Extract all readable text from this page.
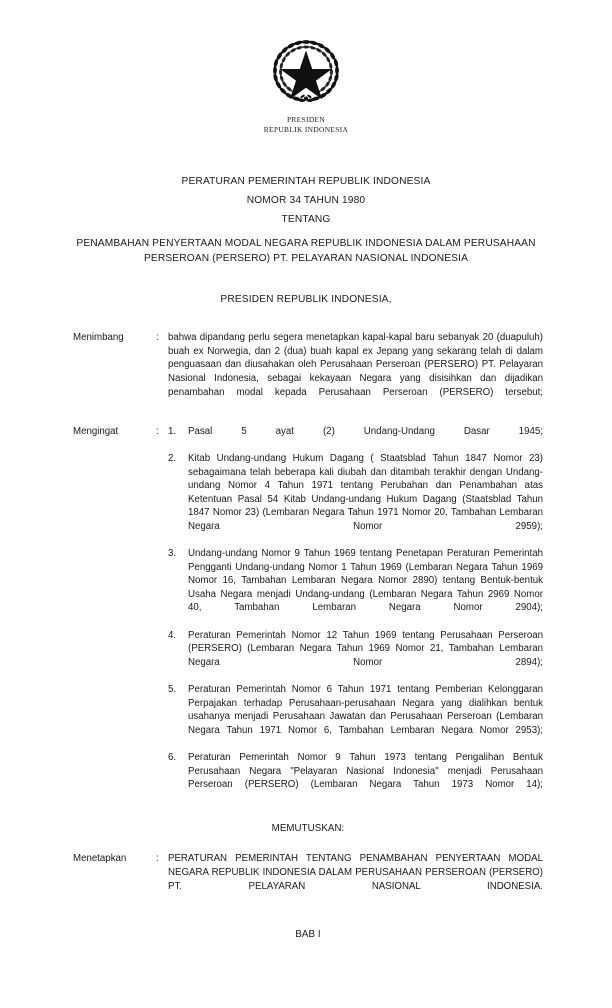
PRESIDEN
REPUBLIK INDONESIA
PERATURAN PEMERINTAH REPUBLIK INDONESIA
NOMOR 34 TAHUN 1980
TENTANG
PENAMBAHAN PENYERTAAN MODAL NEGARA REPUBLIK INDONESIA DALAM PERUSAHAAN PERSEROAN (PERSERO) PT. PELAYARAN NASIONAL INDONESIA
PRESIDEN REPUBLIK INDONESIA,
Menimbang	: bahwa dipandang perlu segera menetapkan kapal-kapal baru sebanyak 20 (duapuluh) buah ex Norwegia, dan 2 (dua) buah kapal ex Jepang yang sekarang telah di dalam penguasaan dan diusahakan oleh Perusahaan Perseroan (PERSERO) PT. Pelayaran Nasional Indonesia, sebagai kekayaan Negara yang disisihkan dan dijadikan penambahan modal kepada Perusahaan Perseroan (PERSERO) tersebut;

Mengingat	: 1.	Pasal 5 ayat (2) Undang-Undang Dasar 1945;
2.	Kitab Undang-undang Hukum Dagang ( Staatsblad Tahun 1847 Nomor 23) sebagaimana telah beberapa kali diubah dan ditambah terakhir dengan Undang-undang Nomor 4 Tahun 1971 tentang Perubahan dan Penambahan atas Ketentuan Pasal 54 Kitab Undang-undang Hukum Dagang (Staatsblad Tahun 1847 Nomor 23) (Lembaran Negara Tahun 1971 Nomor 20, Tambahan Lembaran Negara Nomor 2959);
3.	Undang-undang Nomor 9 Tahun 1969 tentang Penetapan Peraturan Pemerintah Pengganti Undang-undang Nomor 1 Tahun 1969 (Lembaran Negara Tahun 1969 Nomor 16, Tambahan Lembaran Negara Nomor 2890) tentang Bentuk-bentuk Usaha Negara menjadi Undang-undang (Lembaran Negara Tahun 2969 Nomor 40, Tambahan Lembaran Negara Nomor 2904);
4.	Peraturan Pemerintah Nomor 12 Tahun 1969 tentang Perusahaan Perseroan (PERSERO) (Lembaran Negara Tahun 1969 Nomor 21, Tambahan Lembaran Negara Nomor 2894);
5.	Peraturan Pemerintah Nomor 6 Tahun 1971 tentang Pemberian Kelonggaran Perpajakan terhadap Perusahaan-perusahaan Negara yang dialihkan bentuk usahanya menjadi Perusahaan Jawatan dan Perusahaan Perseroan (Lembaran Negara Tahun 1971 Nomor 6, Tambahan Lembaran Negara Nomor 2953);
6.	Peraturan Pemerintah Nomor 9 Tahun 1973 tentang Pengalihan Bentuk Perusahaan Negara "Pelayaran Nasional Indonesia" menjadi Perusahaan Perseroan (PERSERO) (Lembaran Negara Tahun 1973 Nomor 14);
MEMUTUSKAN:
Menetapkan	: PERATURAN PEMERINTAH TENTANG PENAMBAHAN PENYERTAAN MODAL NEGARA REPUBLIK INDONESIA DALAM PERUSAHAAN PERSEROAN (PERSERO) PT. PELAYARAN NASIONAL INDONESIA.

BAB I
